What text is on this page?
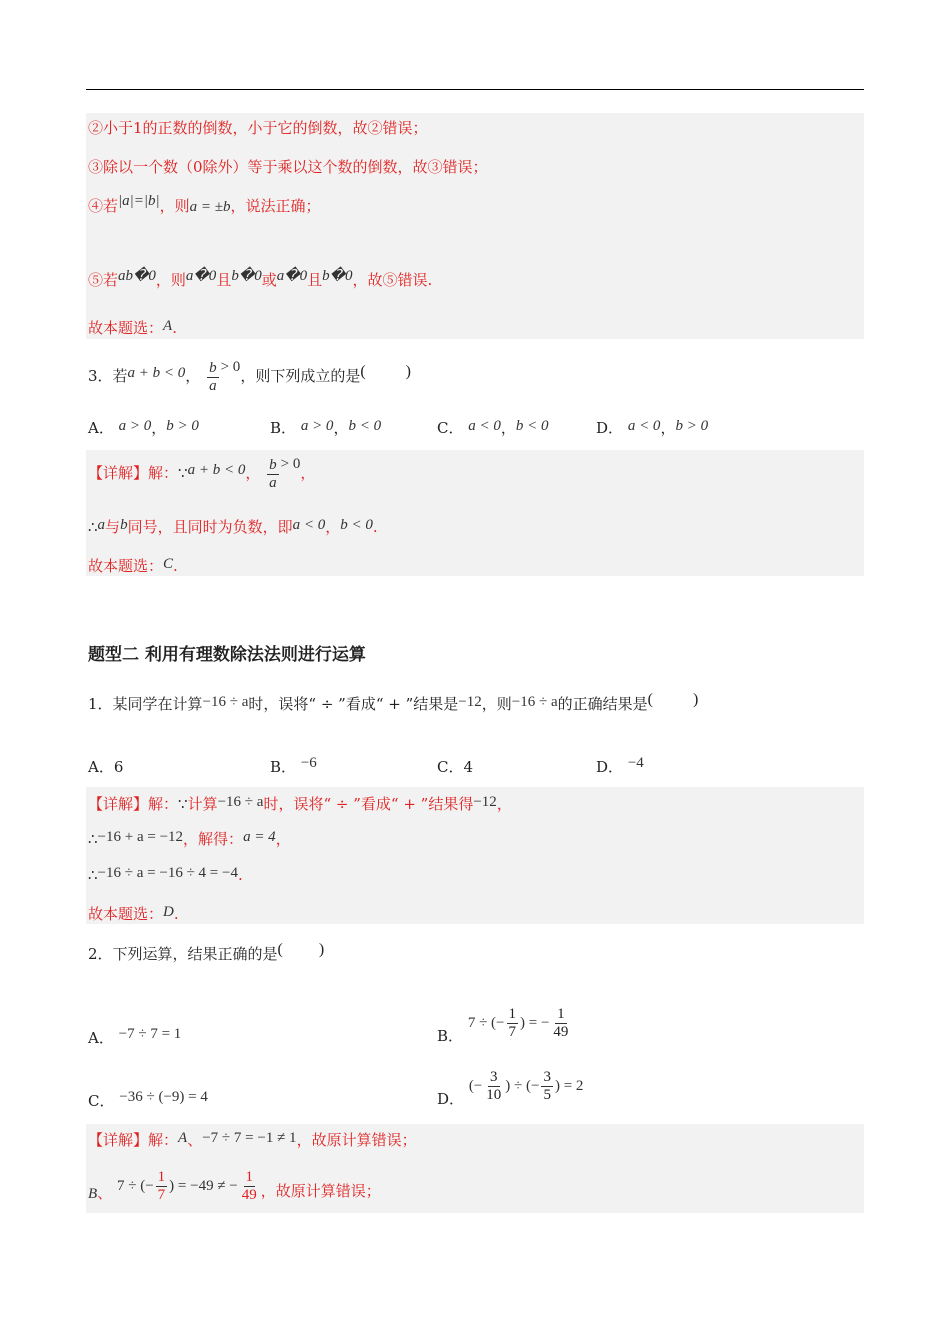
②小于1的正数的倒数，小于它的倒数，故②错误；
③除以一个数（0除外）等于乘以这个数的倒数，故③错误；
④若|a|=|b|，则a = ±b，说法正确；
⑤若ab�0，则a�0且b�0或a�0且b�0，故⑤错误.
故本题选：A.
3．若a + b < 0， $\frac{b}{a} > 0$，则下列成立的是(	)
A． a > 0，b > 0	B． a > 0，b < 0	C． a < 0，b < 0	D． a < 0，b > 0
【详解】解：∵a + b < 0， $\frac{b}{a} > 0$，
∴a与b同号，且同时为负数，即a < 0，b < 0.
故本题选：C.
题型二 利用有理数除法法则进行运算
1．某同学在计算−16 ÷ a时，误将“ ÷ ”看成“ + ”结果是−12，则−16 ÷ a的正确结果是(	)
A．6	B． −6	C．4	D． −4
【详解】解：∵计算−16 ÷ a时，误将“ ÷ ”看成“ + ”结果得−12，
∴−16 + a = −12，解得：a = 4，
∴−16 ÷ a = −16 ÷ 4 = −4.
故本题选：D.
2．下列运算，结果正确的是( )
A． −7 ÷ 7 = 1	B． 7 ÷ (− $\frac{1}{7}$ ) = − $\frac{1}{49}$
C． −36 ÷ (−9) = 4	D． (− $\frac{3}{10}$ ) ÷ (− $\frac{3}{5}$ ) = 2
【详解】解：A、−7 ÷ 7 = −1 ≠ 1，故原计算错误；
B、 7 ÷ (− $\frac{1}{7}$ ) = −49 ≠ − $\frac{1}{49}$ ，故原计算错误；
